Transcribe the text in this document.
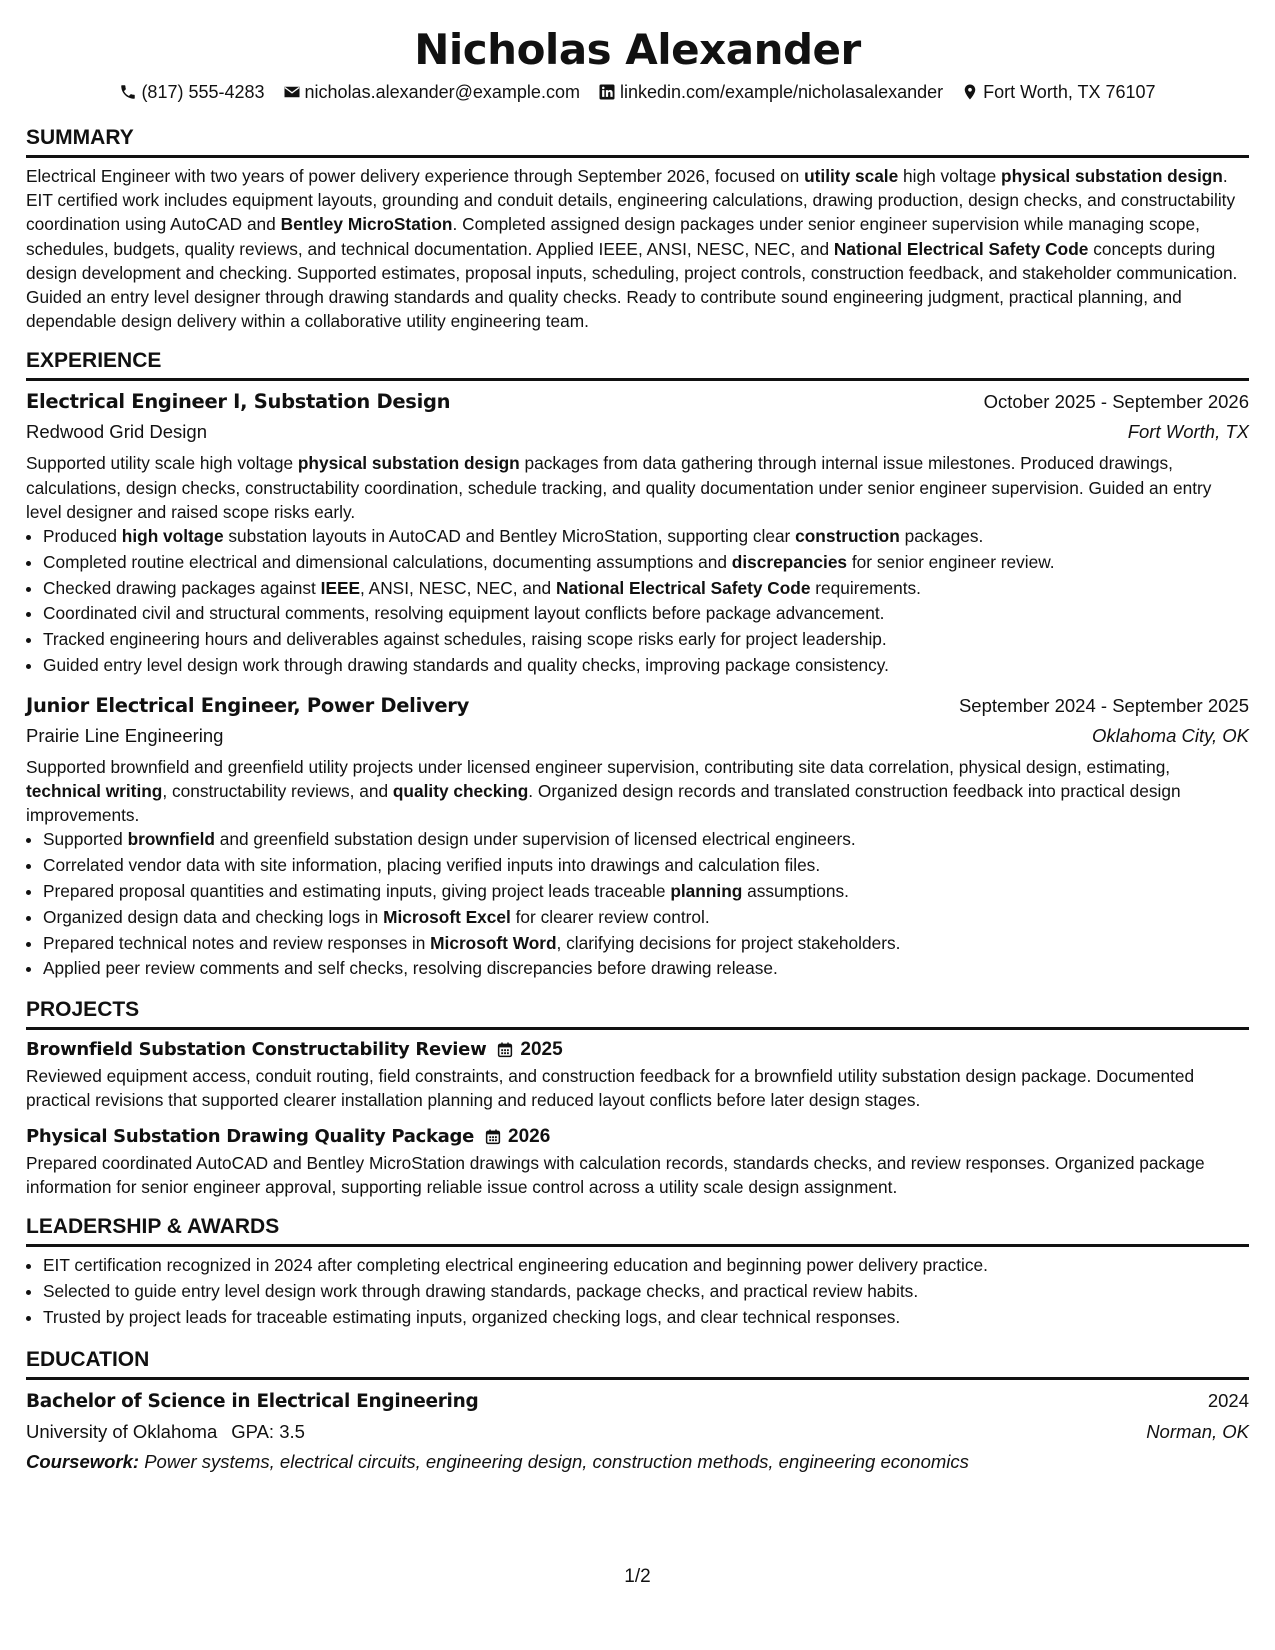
Nicholas Alexander
(817) 555-4283 nicholas.alexander@example.com linkedin.com/example/nicholasalexander Fort Worth, TX 76107
SUMMARY

Electrical Engineer with two years of power delivery experience through September 2026, focused on utility scale high voltage physical substation design. EIT certified work includes equipment layouts, grounding and conduit details, engineering calculations, drawing production, design checks, and constructability coordination using AutoCAD and Bentley MicroStation. Completed assigned design packages under senior engineer supervision while managing scope, schedules, budgets, quality reviews, and technical documentation. Applied IEEE, ANSI, NESC, NEC, and National Electrical Safety Code concepts during design development and checking. Supported estimates, proposal inputs, scheduling, project controls, construction feedback, and stakeholder communication. Guided an entry level designer through drawing standards and quality checks. Ready to contribute sound engineering judgment, practical planning, and dependable design delivery within a collaborative utility engineering team.

EXPERIENCE
Electrical Engineer I, Substation Design	October 2025 - September 2026
Redwood Grid Design	Fort Worth, TX

Supported utility scale high voltage physical substation design packages from data gathering through internal issue milestones. Produced drawings, calculations, design checks, constructability coordination, schedule tracking, and quality documentation under senior engineer supervision. Guided an entry level designer and raised scope risks early.

• Produced high voltage substation layouts in AutoCAD and Bentley MicroStation, supporting clear construction packages.
• Completed routine electrical and dimensional calculations, documenting assumptions and discrepancies for senior engineer review.
• Checked drawing packages against IEEE, ANSI, NESC, NEC, and National Electrical Safety Code requirements.
• Coordinated civil and structural comments, resolving equipment layout conflicts before package advancement.
• Tracked engineering hours and deliverables against schedules, raising scope risks early for project leadership.
• Guided entry level design work through drawing standards and quality checks, improving package consistency.
Junior Electrical Engineer, Power Delivery	September 2024 - September 2025
Prairie Line Engineering	Oklahoma City, OK

Supported brownfield and greenfield utility projects under licensed engineer supervision, contributing site data correlation, physical design, estimating, technical writing, constructability reviews, and quality checking. Organized design records and translated construction feedback into practical design improvements.

• Supported brownfield and greenfield substation design under supervision of licensed electrical engineers.
• Correlated vendor data with site information, placing verified inputs into drawings and calculation files.
• Prepared proposal quantities and estimating inputs, giving project leads traceable planning assumptions.
• Organized design data and checking logs in Microsoft Excel for clearer review control.
• Prepared technical notes and review responses in Microsoft Word, clarifying decisions for project stakeholders.
• Applied peer review comments and self checks, resolving discrepancies before drawing release.
PROJECTS
Brownfield Substation Constructability Review 2025

Reviewed equipment access, conduit routing, field constraints, and construction feedback for a brownfield utility substation design package. Documented practical revisions that supported clearer installation planning and reduced layout conflicts before later design stages.

Physical Substation Drawing Quality Package 2026

Prepared coordinated AutoCAD and Bentley MicroStation drawings with calculation records, standards checks, and review responses. Organized package information for senior engineer approval, supporting reliable issue control across a utility scale design assignment.

LEADERSHIP & AWARDS
• EIT certification recognized in 2024 after completing electrical engineering education and beginning power delivery practice.
• Selected to guide entry level design work through drawing standards, package checks, and practical review habits.
• Trusted by project leads for traceable estimating inputs, organized checking logs, and clear technical responses.
EDUCATION
Bachelor of Science in Electrical Engineering	2024
University of Oklahoma GPA: 3.5	Norman, OK
Coursework: Power systems, electrical circuits, engineering design, construction methods, engineering economics
1/2
